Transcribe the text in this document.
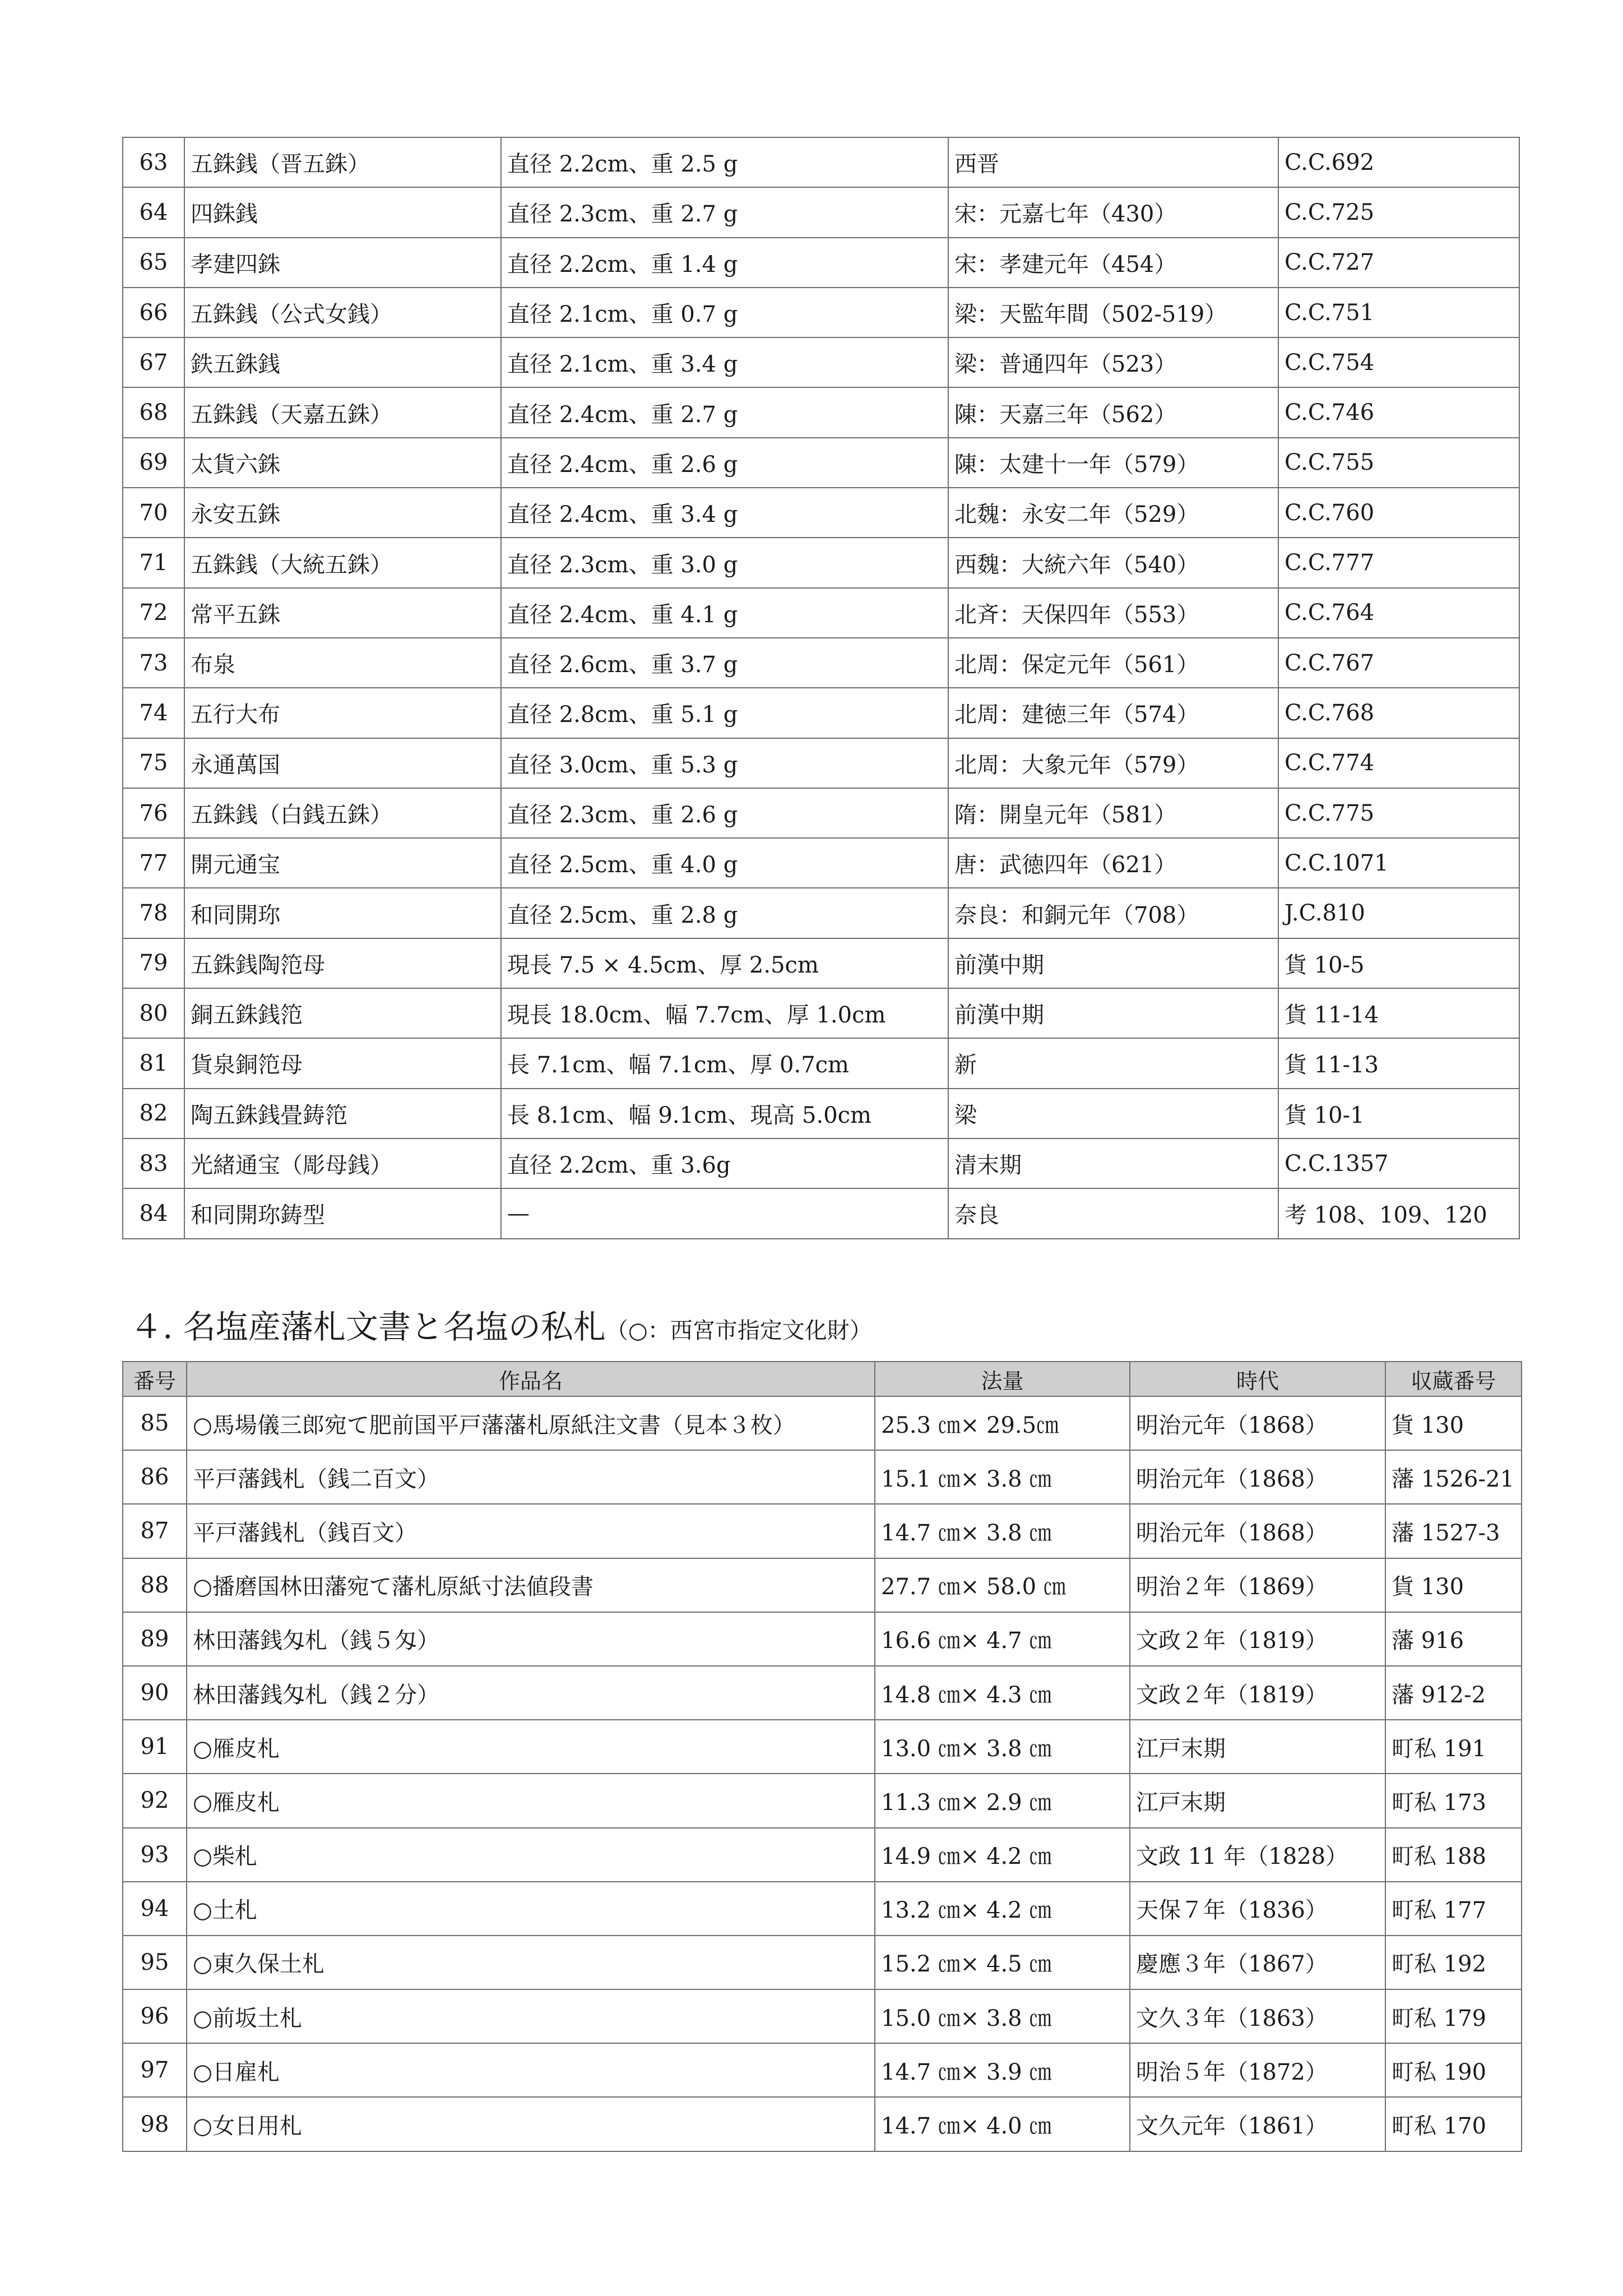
63	五銖銭（晋五銖）	直径 2.2cm、重 2.5 g	西晋	C.C.692
64	四銖銭	直径 2.3cm、重 2.7 g	宋：元嘉七年（430）	C.C.725
65	孝建四銖	直径 2.2cm、重 1.4 g	宋：孝建元年（454）	C.C.727
66	五銖銭（公式女銭）	直径 2.1cm、重 0.7 g	梁：天監年間（502-519）	C.C.751
67	鉄五銖銭	直径 2.1cm、重 3.4 g	梁：普通四年（523）	C.C.754
68	五銖銭（天嘉五銖）	直径 2.4cm、重 2.7 g	陳：天嘉三年（562）	C.C.746
69	太貨六銖	直径 2.4cm、重 2.6 g	陳：太建十一年（579）	C.C.755
70	永安五銖	直径 2.4cm、重 3.4 g	北魏：永安二年（529）	C.C.760
71	五銖銭（大統五銖）	直径 2.3cm、重 3.0 g	西魏：大統六年（540）	C.C.777
72	常平五銖	直径 2.4cm、重 4.1 g	北斉：天保四年（553）	C.C.764
73	布泉	直径 2.6cm、重 3.7 g	北周：保定元年（561）	C.C.767
74	五行大布	直径 2.8cm、重 5.1 g	北周：建徳三年（574）	C.C.768
75	永通萬国	直径 3.0cm、重 5.3 g	北周：大象元年（579）	C.C.774
76	五銖銭（白銭五銖）	直径 2.3cm、重 2.6 g	隋：開皇元年（581）	C.C.775
77	開元通宝	直径 2.5cm、重 4.0 g	唐：武徳四年（621）	C.C.1071
78	和同開珎	直径 2.5cm、重 2.8 g	奈良：和銅元年（708）	J.C.810
79	五銖銭陶笵母	現長 7.5 × 4.5cm、厚 2.5cm	前漢中期	貨 10-5
80	銅五銖銭笵	現長 18.0cm、幅 7.7cm、厚 1.0cm	前漢中期	貨 11-14
81	貨泉銅笵母	長 7.1cm、幅 7.1cm、厚 0.7cm	新	貨 11-13
82	陶五銖銭畳鋳笵	長 8.1cm、幅 9.1cm、現高 5.0cm	梁	貨 10-1
83	光緒通宝（彫母銭）	直径 2.2cm、重 3.6g	清末期	C.C.1357
84	和同開珎鋳型	—	奈良	考 108、109、120
４. 名塩産藩札文書と名塩の私札（○：西宮市指定文化財）
番号	作品名	法量	時代	収蔵番号
85	○馬場儀三郎宛て肥前国平戸藩藩札原紙注文書（見本３枚）	25.3 ㎝× 29.5㎝	明治元年（1868）	貨 130
86	平戸藩銭札（銭二百文）	15.1 ㎝× 3.8 ㎝	明治元年（1868）	藩 1526-21
87	平戸藩銭札（銭百文）	14.7 ㎝× 3.8 ㎝	明治元年（1868）	藩 1527-3
88	○播磨国林田藩宛て藩札原紙寸法値段書	27.7 ㎝× 58.0 ㎝	明治２年（1869）	貨 130
89	林田藩銭匁札（銭５匁）	16.6 ㎝× 4.7 ㎝	文政２年（1819）	藩 916
90	林田藩銭匁札（銭２分）	14.8 ㎝× 4.3 ㎝	文政２年（1819）	藩 912-2
91	○雁皮札	13.0 ㎝× 3.8 ㎝	江戸末期	町私 191
92	○雁皮札	11.3 ㎝× 2.9 ㎝	江戸末期	町私 173
93	○柴札	14.9 ㎝× 4.2 ㎝	文政 11 年（1828）	町私 188
94	○土札	13.2 ㎝× 4.2 ㎝	天保７年（1836）	町私 177
95	○東久保土札	15.2 ㎝× 4.5 ㎝	慶應３年（1867）	町私 192
96	○前坂土札	15.0 ㎝× 3.8 ㎝	文久３年（1863）	町私 179
97	○日雇札	14.7 ㎝× 3.9 ㎝	明治５年（1872）	町私 190
98	○女日用札	14.7 ㎝× 4.0 ㎝	文久元年（1861）	町私 170
